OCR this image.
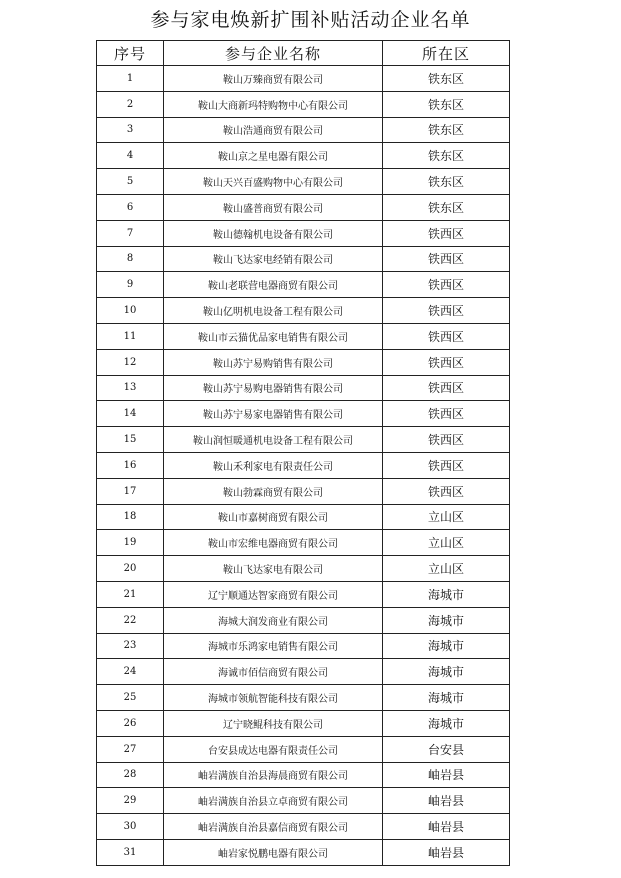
参与家电焕新扩围补贴活动企业名单
序号	参与企业名称	所在区
1	鞍山万臻商贸有限公司	铁东区
2	鞍山大商新玛特购物中心有限公司	铁东区
3	鞍山浩通商贸有限公司	铁东区
4	鞍山京之星电器有限公司	铁东区
5	鞍山天兴百盛购物中心有限公司	铁东区
6	鞍山盛普商贸有限公司	铁东区
7	鞍山德翰机电设备有限公司	铁西区
8	鞍山飞达家电经销有限公司	铁西区
9	鞍山老联营电器商贸有限公司	铁西区
10	鞍山亿明机电设备工程有限公司	铁西区
11	鞍山市云猫优品家电销售有限公司	铁西区
12	鞍山苏宁易购销售有限公司	铁西区
13	鞍山苏宁易购电器销售有限公司	铁西区
14	鞍山苏宁易家电器销售有限公司	铁西区
15	鞍山润恒暖通机电设备工程有限公司	铁西区
16	鞍山禾利家电有限责任公司	铁西区
17	鞍山勃霖商贸有限公司	铁西区
18	鞍山市嘉树商贸有限公司	立山区
19	鞍山市宏维电器商贸有限公司	立山区
20	鞍山飞达家电有限公司	立山区
21	辽宁顺通达智家商贸有限公司	海城市
22	海城大润发商业有限公司	海城市
23	海城市乐鸿家电销售有限公司	海城市
24	海诚市佰信商贸有限公司	海城市
25	海城市领航智能科技有限公司	海城市
26	辽宁晓鲲科技有限公司	海城市
27	台安县成达电器有限责任公司	台安县
28	岫岩满族自治县海晨商贸有限公司	岫岩县
29	岫岩满族自治县立卓商贸有限公司	岫岩县
30	岫岩满族自治县嘉信商贸有限公司	岫岩县
31	岫岩家悦鹏电器有限公司	岫岩县
